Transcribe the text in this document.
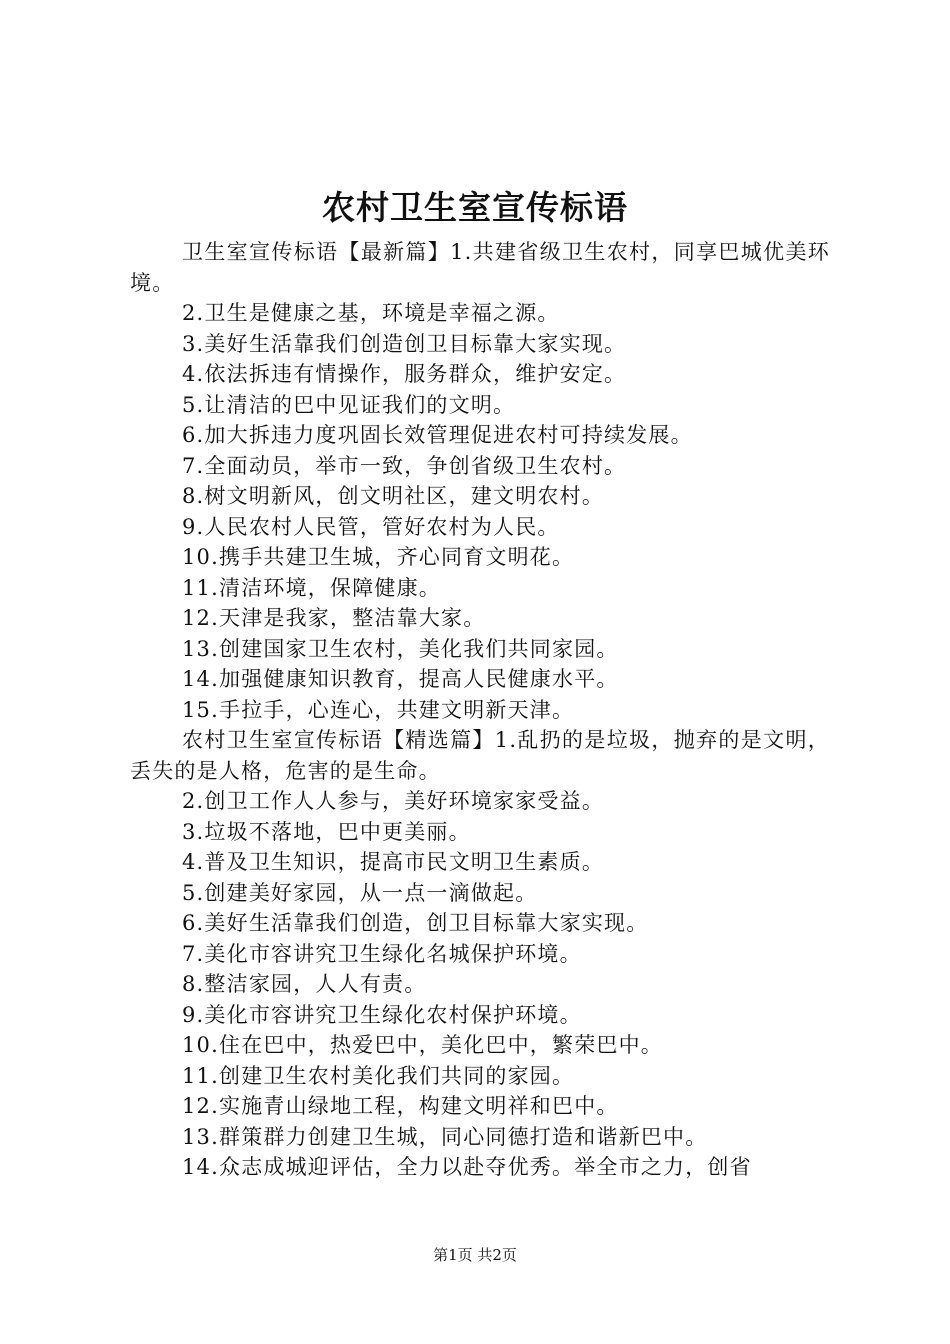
农村卫生室宣传标语

卫生室宣传标语【最新篇】1.共建省级卫生农村，同享巴城优美环境。

2.卫生是健康之基，环境是幸福之源。

3.美好生活靠我们创造创卫目标靠大家实现。

4.依法拆违有情操作，服务群众，维护安定。

5.让清洁的巴中见证我们的文明。

6.加大拆违力度巩固长效管理促进农村可持续发展。

7.全面动员，举市一致，争创省级卫生农村。

8.树文明新风，创文明社区，建文明农村。

9.人民农村人民管，管好农村为人民。

10.携手共建卫生城，齐心同育文明花。

11.清洁环境，保障健康。

12.天津是我家，整洁靠大家。

13.创建国家卫生农村，美化我们共同家园。

14.加强健康知识教育，提高人民健康水平。

15.手拉手，心连心，共建文明新天津。

农村卫生室宣传标语【精选篇】1.乱扔的是垃圾，抛弃的是文明，丢失的是人格，危害的是生命。

2.创卫工作人人参与，美好环境家家受益。

3.垃圾不落地，巴中更美丽。

4.普及卫生知识，提高市民文明卫生素质。

5.创建美好家园，从一点一滴做起。

6.美好生活靠我们创造，创卫目标靠大家实现。

7.美化市容讲究卫生绿化名城保护环境。

8.整洁家园，人人有责。

9.美化市容讲究卫生绿化农村保护环境。

10.住在巴中，热爱巴中，美化巴中，繁荣巴中。

11.创建卫生农村美化我们共同的家园。

12.实施青山绿地工程，构建文明祥和巴中。

13.群策群力创建卫生城，同心同德打造和谐新巴中。

14.众志成城迎评估，全力以赴夺优秀。举全市之力，创省

第1页 共2页
